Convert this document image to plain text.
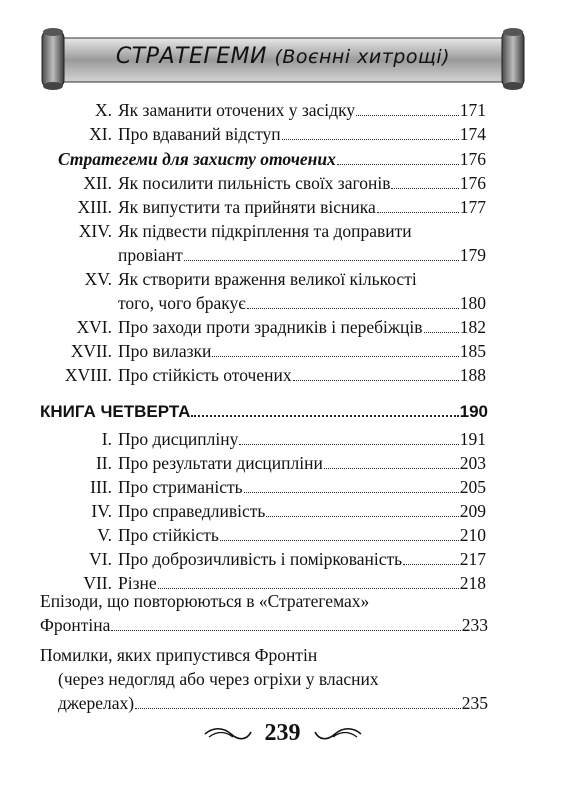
СТРАТЕГЕМИ (Воєнні хитрощі)
X. Як заманити оточених у засідку	171
XI. Про вдаваний відступ	174
Стратегеми для захисту оточених	176
XII. Як посилити пильність своїх загонів	176
XIII. Як випустити та прийняти вісника	177
XIV. Як підвести підкріплення та доправити
провіант	179
XV. Як створити враження великої кількості
того, чого бракує	180
XVI. Про заходи проти зрадників і перебіжців 182
XVII. Про вилазки	185
XVIII. Про стійкість оточених	188
КНИГА ЧЕТВЕРТА	190
I. Про дисципліну	191
II. Про результати дисципліни	203
III. Про стриманість	205
IV. Про справедливість	209
V. Про стійкість	210
VI. Про доброзичливість і поміркованість	217
VII. Різне	218
Епізоди, що повторюються в «Стратегемах»
Фронтіна	233
Помилки, яких припустився Фронтін
(через недогляд або через огріхи у власних
джерелах)	235
239
